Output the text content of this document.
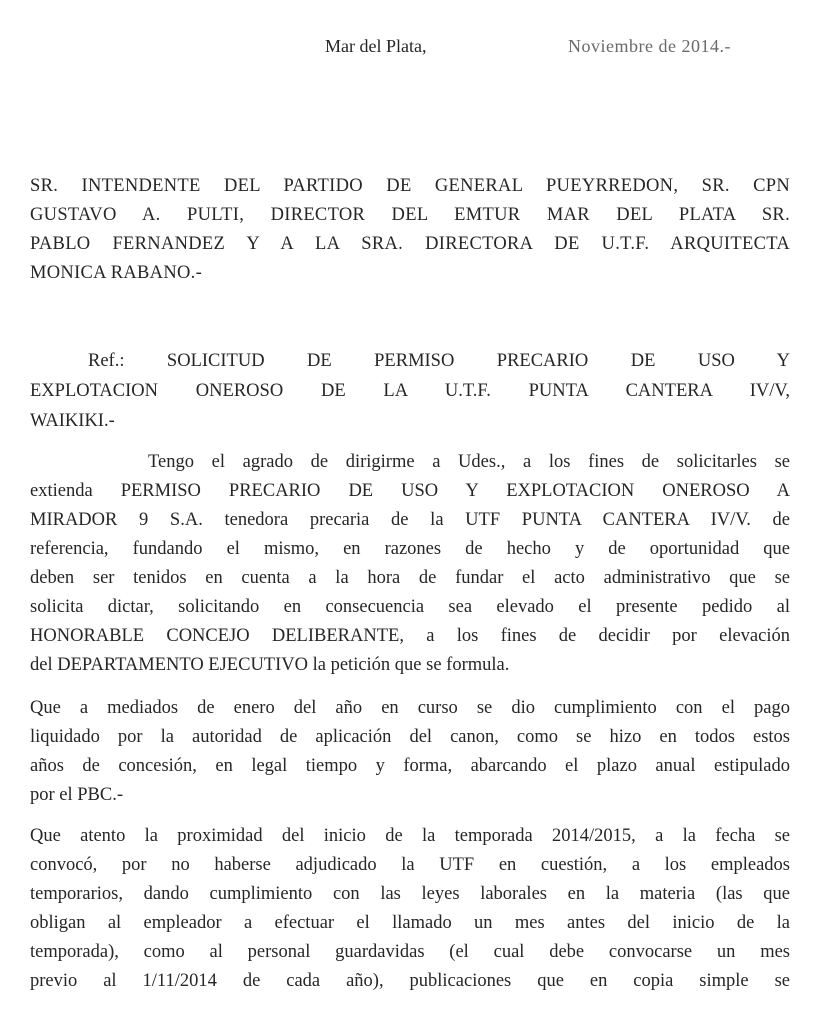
Mar del Plata,	Noviembre de 2014.-
SR. INTENDENTE DEL PARTIDO DE GENERAL PUEYRREDON, SR. CPN
GUSTAVO A. PULTI, DIRECTOR DEL EMTUR MAR DEL PLATA SR.
PABLO FERNANDEZ Y A LA SRA. DIRECTORA DE U.T.F. ARQUITECTA
MONICA RABANO.-
Ref.: SOLICITUD DE PERMISO PRECARIO DE USO Y
EXPLOTACION ONEROSO DE LA U.T.F. PUNTA CANTERA IV/V,
WAIKIKI.-
Tengo el agrado de dirigirme a Udes., a los fines de solicitarles se
extienda PERMISO PRECARIO DE USO Y EXPLOTACION ONEROSO A
MIRADOR 9 S.A. tenedora precaria de la UTF PUNTA CANTERA IV/V. de
referencia, fundando el mismo, en razones de hecho y de oportunidad que
deben ser tenidos en cuenta a la hora de fundar el acto administrativo que se
solicita dictar, solicitando en consecuencia sea elevado el presente pedido al
HONORABLE CONCEJO DELIBERANTE, a los fines de decidir por elevación
del DEPARTAMENTO EJECUTIVO la petición que se formula.
Que a mediados de enero del año en curso se dio cumplimiento con el pago
liquidado por la autoridad de aplicación del canon, como se hizo en todos estos
años de concesión, en legal tiempo y forma, abarcando el plazo anual estipulado
por el PBC.-
Que atento la proximidad del inicio de la temporada 2014/2015, a la fecha se
convocó, por no haberse adjudicado la UTF en cuestión, a los empleados
temporarios, dando cumplimiento con las leyes laborales en la materia (las que
obligan al empleador a efectuar el llamado un mes antes del inicio de la
temporada), como al personal guardavidas (el cual debe convocarse un mes
previo al 1/11/2014 de cada año), publicaciones que en copia simple se
